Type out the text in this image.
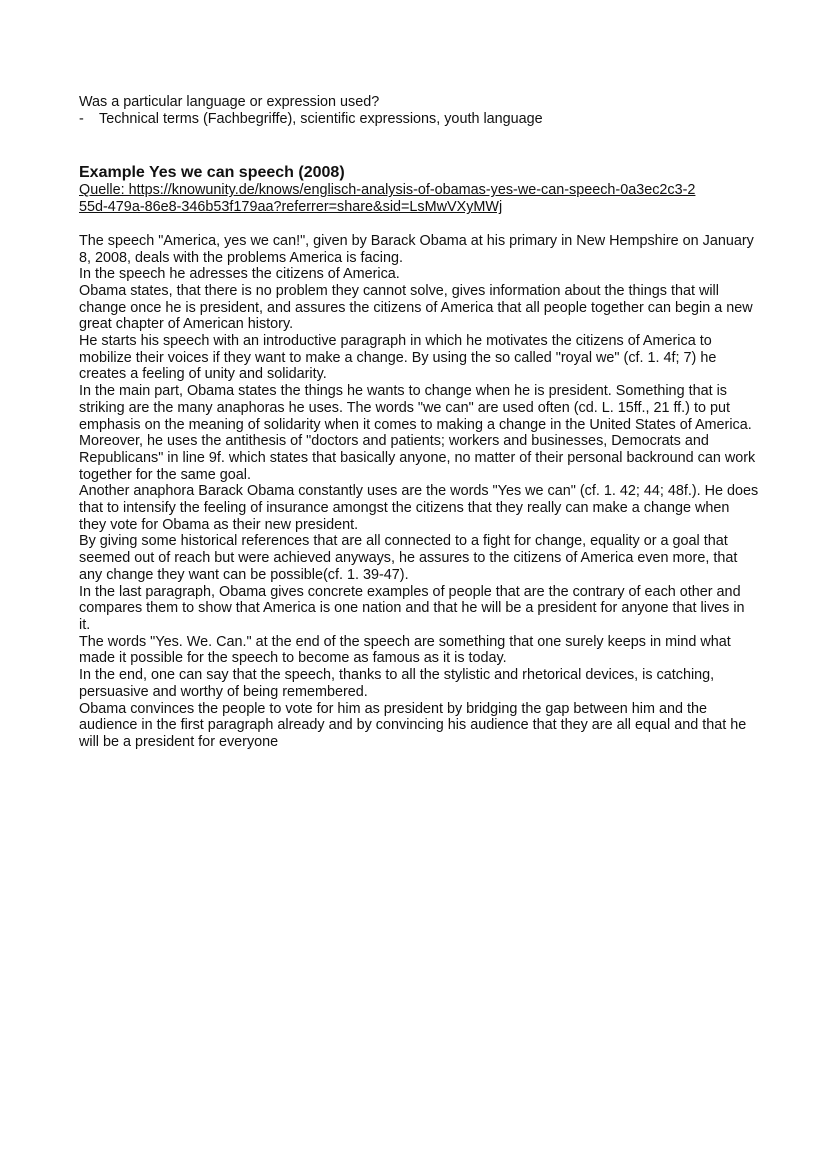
Was a particular language or expression used?

-	Technical terms (Fachbegriffe), scientific expressions, youth language
Example Yes we can speech (2008)
Quelle: https://knowunity.de/knows/englisch-analysis-of-obamas-yes-we-can-speech-0a3ec2c3-255d-479a-86e8-346b53f179aa?referrer=share&sid=LsMwVXyMWj

The speech "America, yes we can!", given by Barack Obama at his primary in New Hempshire on January 8, 2008, deals with the problems America is facing.

In the speech he adresses the citizens of America.

Obama states, that there is no problem they cannot solve, gives information about the things that will change once he is president, and assures the citizens of America that all people together can begin a new great chapter of American history.

He starts his speech with an introductive paragraph in which he motivates the citizens of America to mobilize their voices if they want to make a change. By using the so called "royal we" (cf. 1. 4f; 7) he creates a feeling of unity and solidarity.

In the main part, Obama states the things he wants to change when he is president. Something that is striking are the many anaphoras he uses. The words "we can" are used often (cd. L. 15ff., 21 ff.) to put emphasis on the meaning of solidarity when it comes to making a change in the United States of America. Moreover, he uses the antithesis of "doctors and patients; workers and businesses, Democrats and Republicans" in line 9f. which states that basically anyone, no matter of their personal backround can work together for the same goal.

Another anaphora Barack Obama constantly uses are the words "Yes we can" (cf. 1. 42; 44; 48f.). He does that to intensify the feeling of insurance amongst the citizens that they really can make a change when they vote for Obama as their new president.

By giving some historical references that are all connected to a fight for change, equality or a goal that seemed out of reach but were achieved anyways, he assures to the citizens of America even more, that any change they want can be possible(cf. 1. 39-47).

In the last paragraph, Obama gives concrete examples of people that are the contrary of each other and compares them to show that America is one nation and that he will be a president for anyone that lives in it.

The words "Yes. We. Can." at the end of the speech are something that one surely keeps in mind what made it possible for the speech to become as famous as it is today.

In the end, one can say that the speech, thanks to all the stylistic and rhetorical devices, is catching, persuasive and worthy of being remembered.

Obama convinces the people to vote for him as president by bridging the gap between him and the audience in the first paragraph already and by convincing his audience that they are all equal and that he will be a president for everyone
